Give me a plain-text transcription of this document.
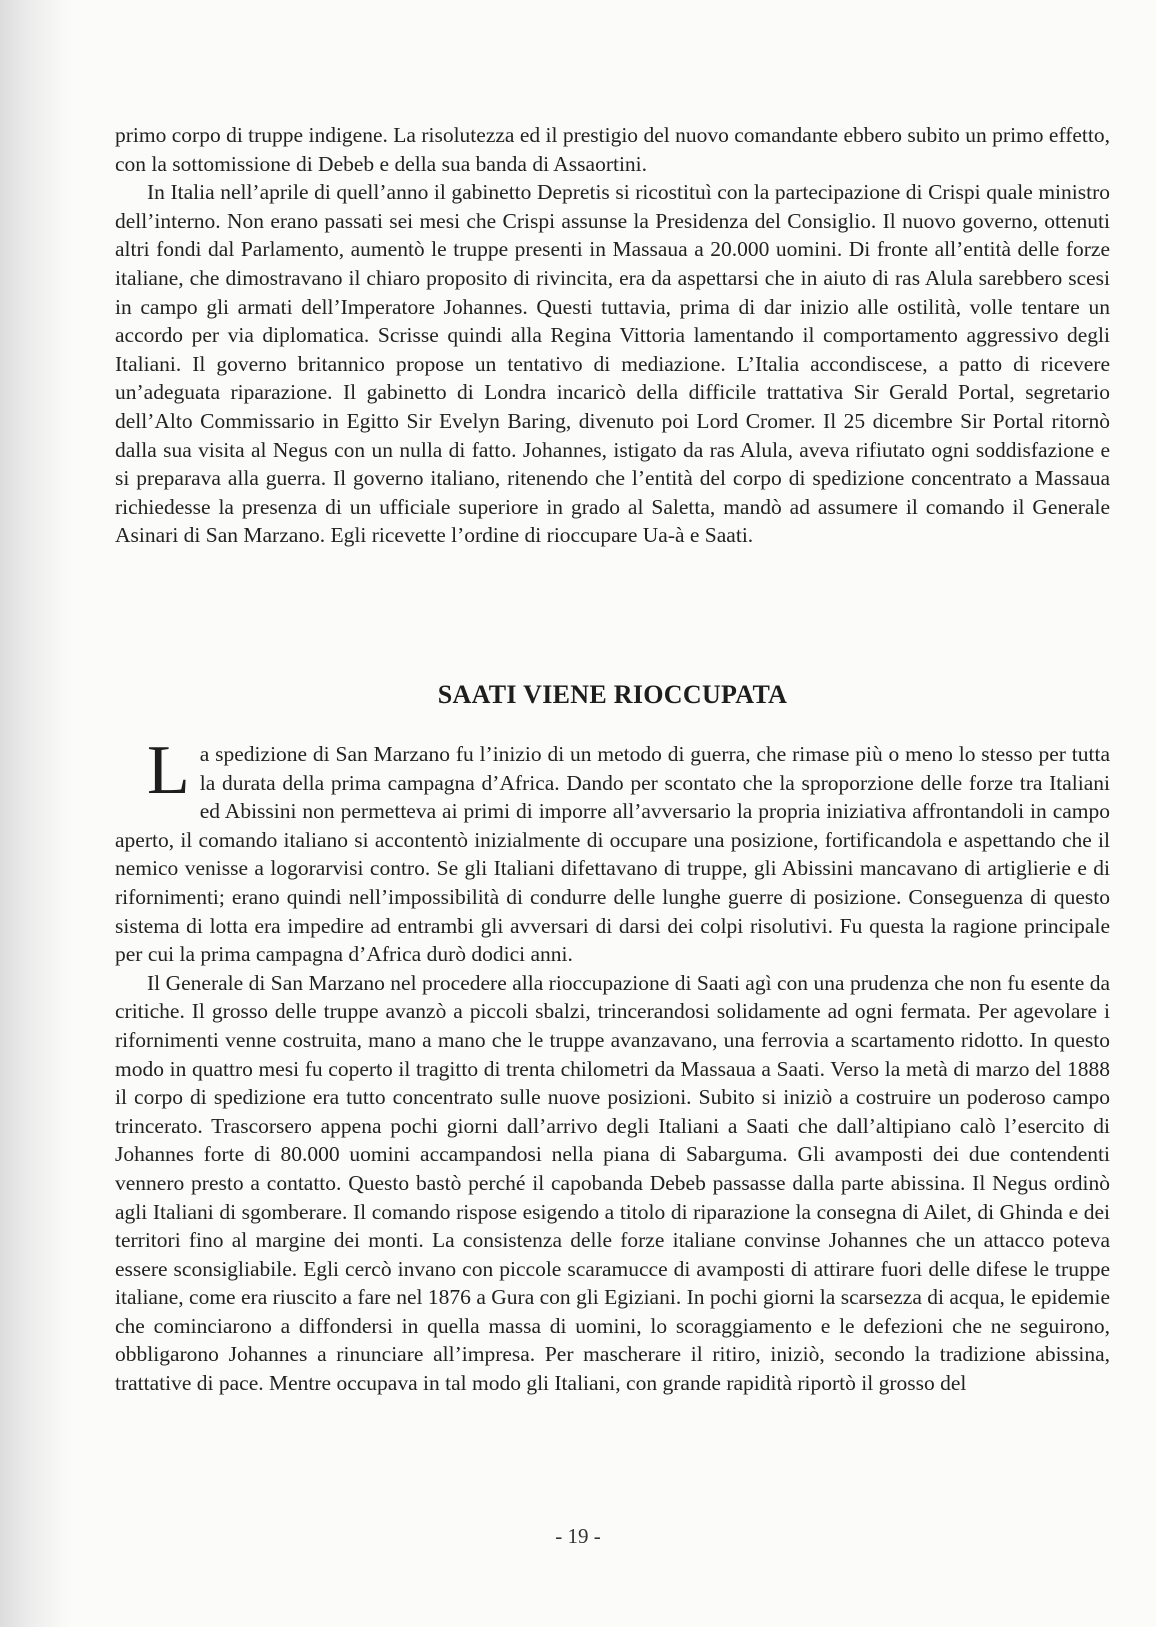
primo corpo di truppe indigene. La risolutezza ed il prestigio del nuovo comandante ebbero subito un primo effetto, con la sottomissione di Debeb e della sua banda di Assaortini.

In Italia nell’aprile di quell’anno il gabinetto Depretis si ricostituì con la partecipazione di Crispi quale ministro dell’interno. Non erano passati sei mesi che Crispi assunse la Presidenza del Consiglio. Il nuovo governo, ottenuti altri fondi dal Parlamento, aumentò le truppe presenti in Massaua a 20.000 uomini. Di fronte all’entità delle forze italiane, che dimostravano il chiaro proposito di rivincita, era da aspettarsi che in aiuto di ras Alula sarebbero scesi in campo gli armati dell’Imperatore Johannes. Questi tuttavia, prima di dar inizio alle ostilità, volle tentare un accordo per via diplomatica. Scrisse quindi alla Regina Vittoria lamentando il comportamento aggressivo degli Italiani. Il governo britannico propose un tentativo di mediazione. L’Italia accondiscese, a patto di ricevere un’adeguata riparazione. Il gabinetto di Londra incaricò della difficile trattativa Sir Gerald Portal, segretario dell’Alto Commissario in Egitto Sir Evelyn Baring, divenuto poi Lord Cromer. Il 25 dicembre Sir Portal ritornò dalla sua visita al Negus con un nulla di fatto. Johannes, istigato da ras Alula, aveva rifiutato ogni soddisfazione e si preparava alla guerra. Il governo italiano, ritenendo che l’entità del corpo di spedizione concentrato a Massaua richiedesse la presenza di un ufficiale superiore in grado al Saletta, mandò ad assumere il comando il Generale Asinari di San Marzano. Egli ricevette l’ordine di rioccupare Ua-à e Saati.

SAATI VIENE RIOCCUPATA

La spedizione di San Marzano fu l’inizio di un metodo di guerra, che rimase più o meno lo stesso per tutta la durata della prima campagna d’Africa. Dando per scontato che la sproporzione delle forze tra Italiani ed Abissini non permetteva ai primi di imporre all’avversario la propria iniziativa affrontandoli in campo aperto, il comando italiano si accontentò inizialmente di occupare una posizione, fortificandola e aspettando che il nemico venisse a logorarvisi contro. Se gli Italiani difettavano di truppe, gli Abissini mancavano di artiglierie e di rifornimenti; erano quindi nell’impossibilità di condurre delle lunghe guerre di posizione. Conseguenza di questo sistema di lotta era impedire ad entrambi gli avversari di darsi dei colpi risolutivi. Fu questa la ragione principale per cui la prima campagna d’Africa durò dodici anni.

Il Generale di San Marzano nel procedere alla rioccupazione di Saati agì con una prudenza che non fu esente da critiche. Il grosso delle truppe avanzò a piccoli sbalzi, trincerandosi solidamente ad ogni fermata. Per agevolare i rifornimenti venne costruita, mano a mano che le truppe avanzavano, una ferrovia a scartamento ridotto. In questo modo in quattro mesi fu coperto il tragitto di trenta chilometri da Massaua a Saati. Verso la metà di marzo del 1888 il corpo di spedizione era tutto concentrato sulle nuove posizioni. Subito si iniziò a costruire un poderoso campo trincerato. Trascorsero appena pochi giorni dall’arrivo degli Italiani a Saati che dall’altipiano calò l’esercito di Johannes forte di 80.000 uomini accampandosi nella piana di Sabarguma. Gli avamposti dei due contendenti vennero presto a contatto. Questo bastò perché il capobanda Debeb passasse dalla parte abissina. Il Negus ordinò agli Italiani di sgomberare. Il comando rispose esigendo a titolo di riparazione la consegna di Ailet, di Ghinda e dei territori fino al margine dei monti. La consistenza delle forze italiane convinse Johannes che un attacco poteva essere sconsigliabile. Egli cercò invano con piccole scaramucce di avamposti di attirare fuori delle difese le truppe italiane, come era riuscito a fare nel 1876 a Gura con gli Egiziani. In pochi giorni la scarsezza di acqua, le epidemie che cominciarono a diffondersi in quella massa di uomini, lo scoraggiamento e le defezioni che ne seguirono, obbligarono Johannes a rinunciare all’impresa. Per mascherare il ritiro, iniziò, secondo la tradizione abissina, trattative di pace. Mentre occupava in tal modo gli Italiani, con grande rapidità riportò il grosso del

- 19 -
